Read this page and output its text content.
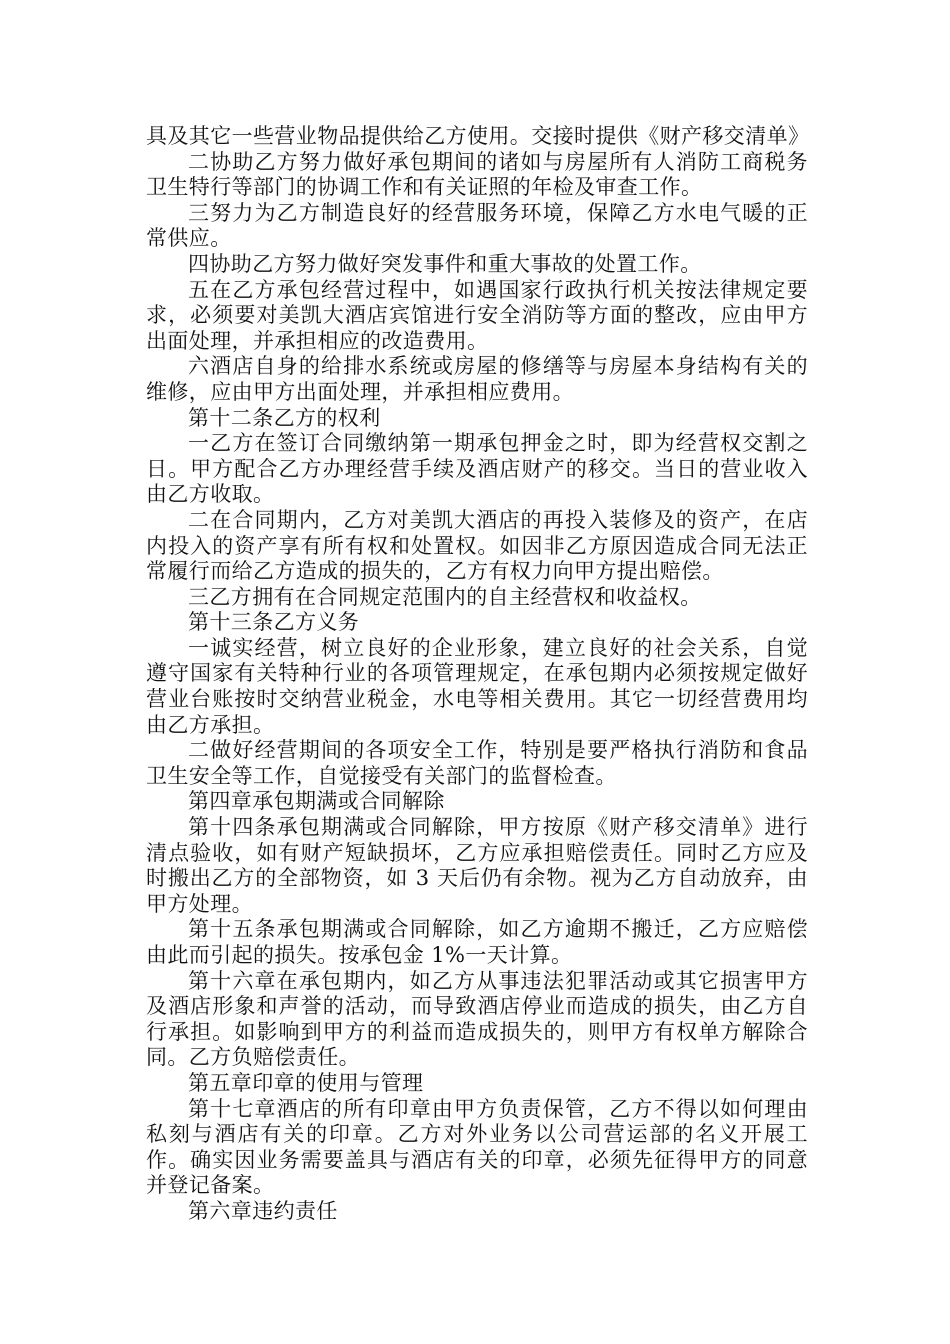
具及其它一些营业物品提供给乙方使用。交接时提供《财产移交清单》

二协助乙方努力做好承包期间的诸如与房屋所有人消防工商税务卫生特行等部门的协调工作和有关证照的年检及审查工作。

三努力为乙方制造良好的经营服务环境，保障乙方水电气暖的正常供应。

四协助乙方努力做好突发事件和重大事故的处置工作。

五在乙方承包经营过程中，如遇国家行政执行机关按法律规定要求，必须要对美凯大酒店宾馆进行安全消防等方面的整改，应由甲方出面处理，并承担相应的改造费用。

六酒店自身的给排水系统或房屋的修缮等与房屋本身结构有关的维修，应由甲方出面处理，并承担相应费用。

第十二条乙方的权利

一乙方在签订合同缴纳第一期承包押金之时，即为经营权交割之日。甲方配合乙方办理经营手续及酒店财产的移交。当日的营业收入由乙方收取。

二在合同期内，乙方对美凯大酒店的再投入装修及的资产，在店内投入的资产享有所有权和处置权。如因非乙方原因造成合同无法正常履行而给乙方造成的损失的，乙方有权力向甲方提出赔偿。

三乙方拥有在合同规定范围内的自主经营权和收益权。

第十三条乙方义务

一诚实经营，树立良好的企业形象，建立良好的社会关系，自觉遵守国家有关特种行业的各项管理规定，在承包期内必须按规定做好营业台账按时交纳营业税金，水电等相关费用。其它一切经营费用均由乙方承担。

二做好经营期间的各项安全工作，特别是要严格执行消防和食品卫生安全等工作，自觉接受有关部门的监督检查。

第四章承包期满或合同解除

第十四条承包期满或合同解除，甲方按原《财产移交清单》进行清点验收，如有财产短缺损坏，乙方应承担赔偿责任。同时乙方应及时搬出乙方的全部物资，如 3 天后仍有余物。视为乙方自动放弃，由甲方处理。

第十五条承包期满或合同解除，如乙方逾期不搬迁，乙方应赔偿由此而引起的损失。按承包金 1%一天计算。

第十六章在承包期内，如乙方从事违法犯罪活动或其它损害甲方及酒店形象和声誉的活动，而导致酒店停业而造成的损失，由乙方自行承担。如影响到甲方的利益而造成损失的，则甲方有权单方解除合同。乙方负赔偿责任。

第五章印章的使用与管理

第十七章酒店的所有印章由甲方负责保管，乙方不得以如何理由私刻与酒店有关的印章。乙方对外业务以公司营运部的名义开展工作。确实因业务需要盖具与酒店有关的印章，必须先征得甲方的同意并登记备案。

第六章违约责任
